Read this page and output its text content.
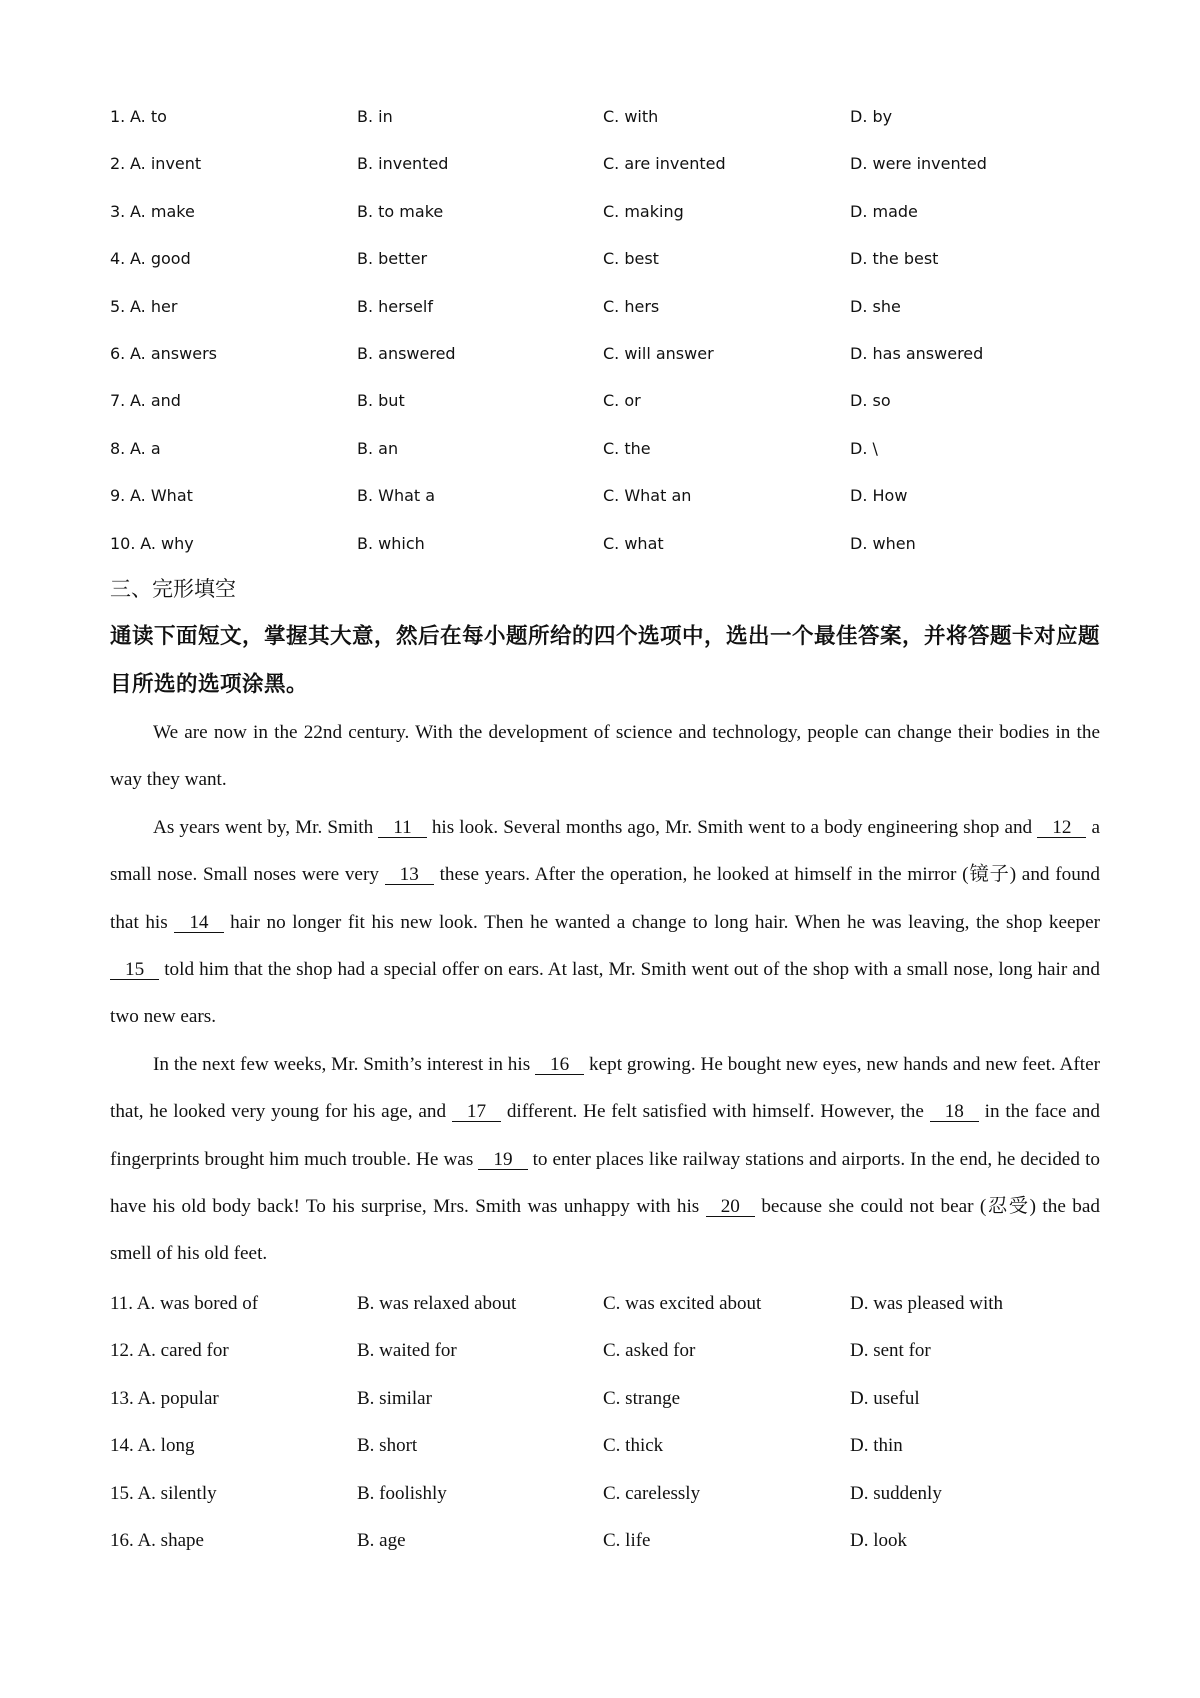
1. A. to	B. in	C. with	D. by
2. A. invent	B. invented	C. are invented	D. were invented
3. A. make	B. to make	C. making	D. made
4. A. good	B. better	C. best	D. the best
5. A. her	B. herself	C. hers	D. she
6. A. answers	B. answered	C. will answer	D. has answered
7. A. and	B. but	C. or	D. so
8. A. a	B. an	C. the	D. \
9. A. What	B. What a	C. What an	D. How
10. A. why	B. which	C. what	D. when
三、完形填空
通读下面短文，掌握其大意，然后在每小题所给的四个选项中，选出一个最佳答案，并将答题卡对应题目所选的选项涂黑。

We are now in the 22nd century. With the development of science and technology, people can change their bodies in the way they want.

As years went by, Mr. Smith 11 his look. Several months ago, Mr. Smith went to a body engineering shop and 12 a small nose. Small noses were very 13 these years. After the operation, he looked at himself in the mirror (镜子) and found that his 14 hair no longer fit his new look. Then he wanted a change to long hair. When he was leaving, the shop keeper 15 told him that the shop had a special offer on ears. At last, Mr. Smith went out of the shop with a small nose, long hair and two new ears.

In the next few weeks, Mr. Smith’s interest in his 16 kept growing. He bought new eyes, new hands and new feet. After that, he looked very young for his age, and 17 different. He felt satisfied with himself. However, the 18 in the face and fingerprints brought him much trouble. He was 19 to enter places like railway stations and airports. In the end, he decided to have his old body back! To his surprise, Mrs. Smith was unhappy with his 20 because she could not bear (忍受) the bad smell of his old feet.

11. A. was bored of	B. was relaxed about	C. was excited about	D. was pleased with
12. A. cared for	B. waited for	C. asked for	D. sent for
13. A. popular	B. similar	C. strange	D. useful
14. A. long	B. short	C. thick	D. thin
15. A. silently	B. foolishly	C. carelessly	D. suddenly
16. A. shape	B. age	C. life	D. look
